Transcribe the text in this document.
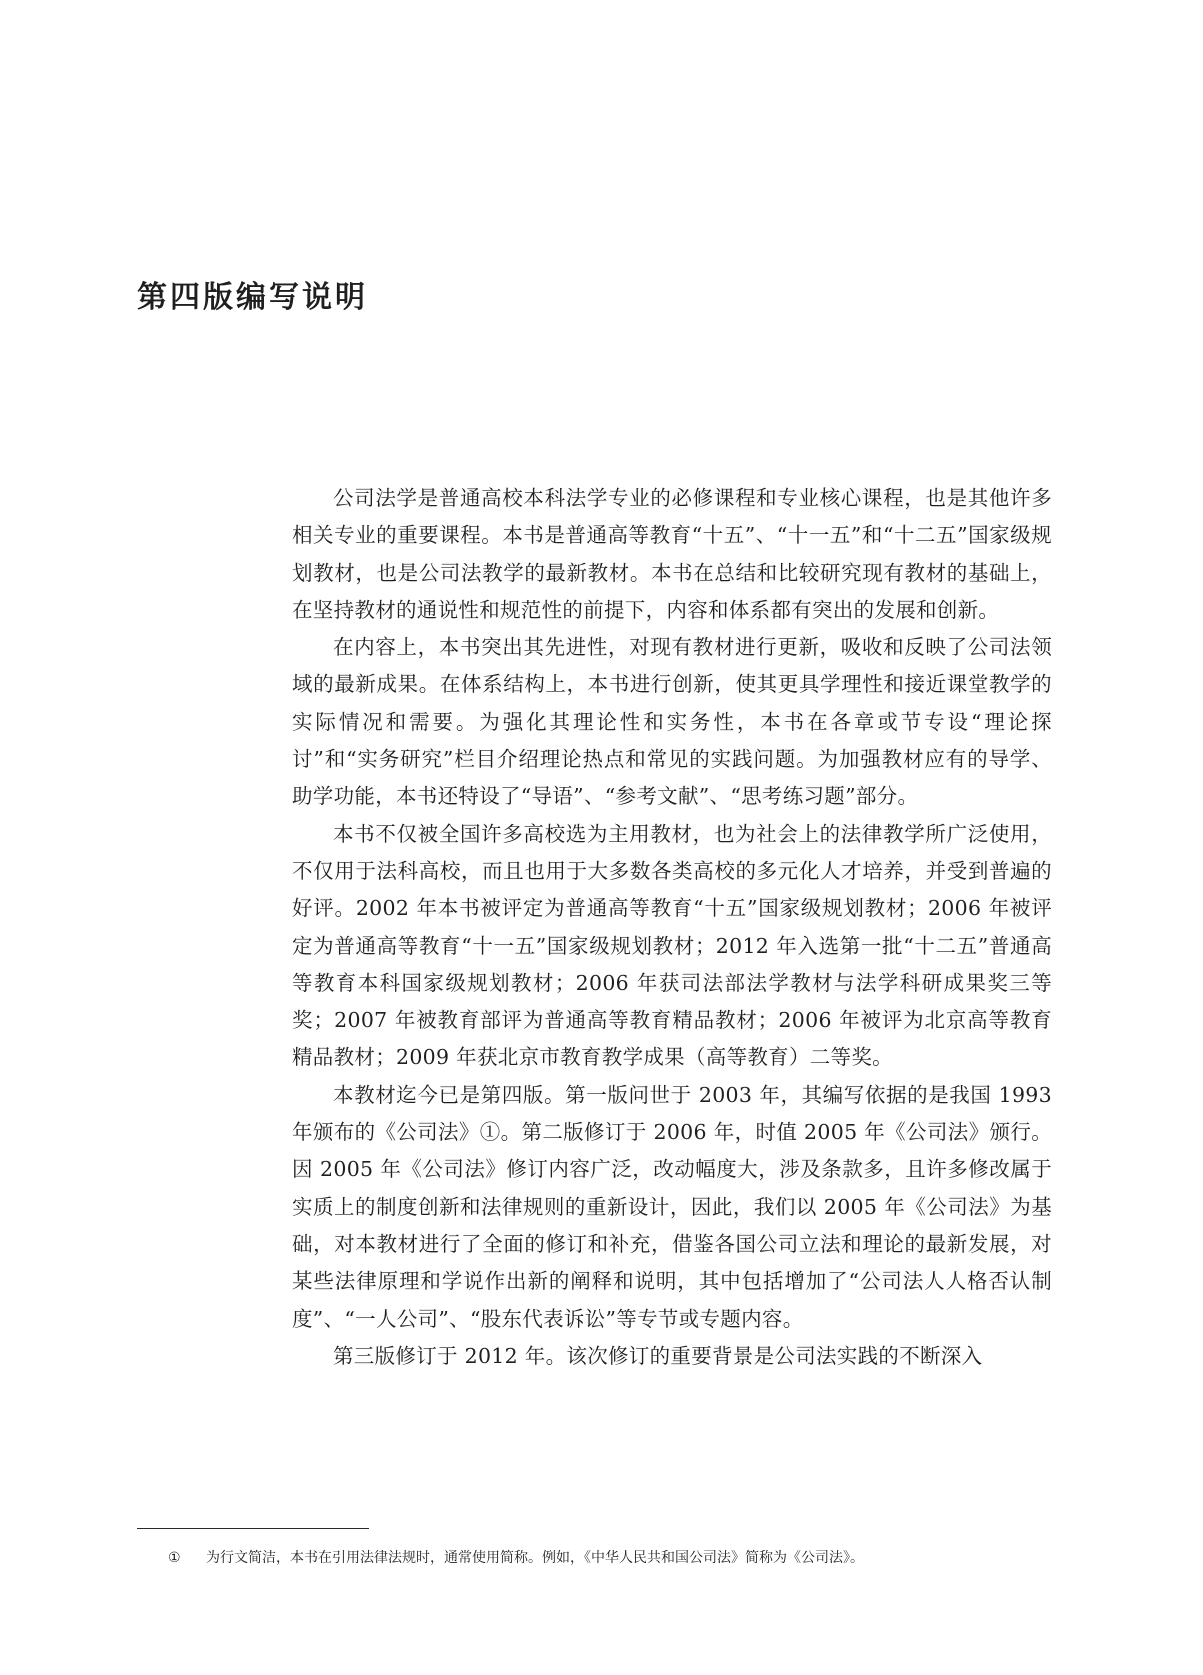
第四版编写说明

公司法学是普通高校本科法学专业的必修课程和专业核心课程，也是其他许多相关专业的重要课程。本书是普通高等教育“十五”、“十一五”和“十二五”国家级规划教材，也是公司法教学的最新教材。本书在总结和比较研究现有教材的基础上，在坚持教材的通说性和规范性的前提下，内容和体系都有突出的发展和创新。

在内容上，本书突出其先进性，对现有教材进行更新，吸收和反映了公司法领域的最新成果。在体系结构上，本书进行创新，使其更具学理性和接近课堂教学的实际情况和需要。为强化其理论性和实务性，本书在各章或节专设“理论探讨”和“实务研究”栏目介绍理论热点和常见的实践问题。为加强教材应有的导学、助学功能，本书还特设了“导语”、“参考文献”、“思考练习题”部分。

本书不仅被全国许多高校选为主用教材，也为社会上的法律教学所广泛使用，不仅用于法科高校，而且也用于大多数各类高校的多元化人才培养，并受到普遍的好评。2002 年本书被评定为普通高等教育“十五”国家级规划教材；2006 年被评定为普通高等教育“十一五”国家级规划教材；2012 年入选第一批“十二五”普通高等教育本科国家级规划教材；2006 年获司法部法学教材与法学科研成果奖三等奖；2007 年被教育部评为普通高等教育精品教材；2006 年被评为北京高等教育精品教材；2009 年获北京市教育教学成果（高等教育）二等奖。

本教材迄今已是第四版。第一版问世于 2003 年，其编写依据的是我国 1993 年颁布的《公司法》①。第二版修订于 2006 年，时值 2005 年《公司法》颁行。因 2005 年《公司法》修订内容广泛，改动幅度大，涉及条款多，且许多修改属于实质上的制度创新和法律规则的重新设计，因此，我们以 2005 年《公司法》为基础，对本教材进行了全面的修订和补充，借鉴各国公司立法和理论的最新发展，对某些法律原理和学说作出新的阐释和说明，其中包括增加了“公司法人人格否认制度”、“一人公司”、“股东代表诉讼”等专节或专题内容。

第三版修订于 2012 年。该次修订的重要背景是公司法实践的不断深入

① 为行文简洁，本书在引用法律法规时，通常使用简称。例如，《中华人民共和国公司法》简称为《公司法》。
